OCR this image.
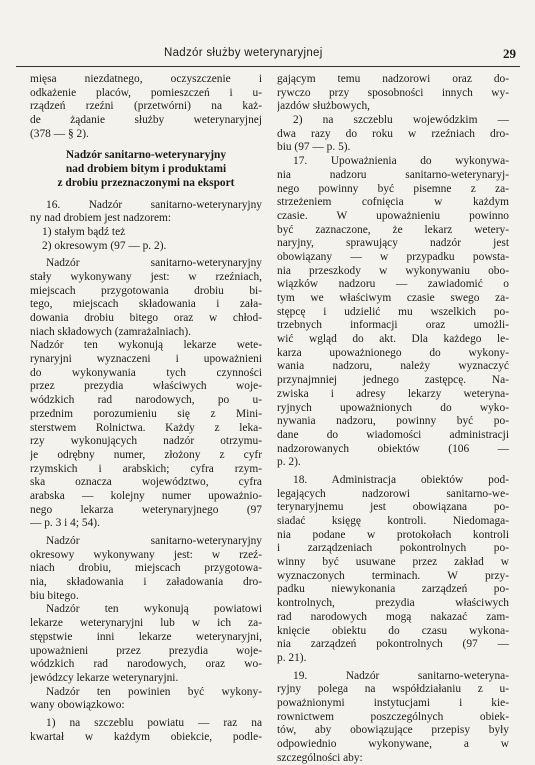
Nadzór służby weterynaryjnej	29
mięsa niezdatnego, oczyszczenie i
odkażenie placów, pomieszczeń i u-
rządzeń rzeźni (przetwórni) na każ-
de żądanie służby weterynaryjnej
(378 — § 2).
Nadzór sanitarno-weterynaryjny
nad drobiem bitym i produktami
z drobiu przeznaczonymi na eksport
16. Nadzór sanitarno-weterynaryjny
ny nad drobiem jest nadzorem:
1) stałym bądź też
2) okresowym (97 — p. 2).
Nadzór sanitarno-weterynaryjny
stały wykonywany jest: w rzeźniach,
miejscach przygotowania drobiu bi-
tego, miejscach składowania i zała-
dowania drobiu bitego oraz w chłod-
niach składowych (zamrażalniach).
Nadzór ten wykonują lekarze wete-
rynaryjni wyznaczeni i upoważnieni
do wykonywania tych czynności
przez prezydia właściwych woje-
wódzkich rad narodowych, po u-
przednim porozumieniu się z Mini-
sterstwem Rolnictwa. Każdy z leka-
rzy wykonujących nadzór otrzymu-
je odrębny numer, złożony z cyfr
rzymskich i arabskich; cyfra rzym-
ska oznacza województwo, cyfra
arabska — kolejny numer upoważnio-
nego lekarza weterynaryjnego (97
— p. 3 i 4; 54).
Nadzór sanitarno-weterynaryjny
okresowy wykonywany jest: w rzeź-
niach drobiu, miejscach przygotowa-
nia, składowania i załadowania dro-
biu bitego.
Nadzór ten wykonują powiatowi
lekarze weterynaryjni lub w ich za-
stępstwie inni lekarze weterynaryjni,
upoważnieni przez prezydia woje-
wódzkich rad narodowych, oraz wo-
jewódzcy lekarze weterynaryjni.
Nadzór ten powinien być wykony-
wany obowiązkowo:
1) na szczeblu powiatu — raz na
kwartał w każdym obiekcie, podle-
gającym temu nadzorowi oraz do-
rywczo przy sposobności innych wy-
jazdów służbowych,
2) na szczeblu wojewódzkim —
dwa razy do roku w rzeźniach dro-
biu (97 — p. 5).
17. Upoważnienia do wykonywa-
nia nadzoru sanitarno-weterynaryj-
nego powinny być pisemne z za-
strzeżeniem cofnięcia w każdym
czasie. W upoważnieniu powinno
być zaznaczone, że lekarz wetery-
naryjny, sprawujący nadzór jest
obowiązany — w przypadku powsta-
nia przeszkody w wykonywaniu obo-
wiązków nadzoru — zawiadomić o
tym we właściwym czasie swego za-
stępcę i udzielić mu wszelkich po-
trzebnych informacji oraz umożli-
wić wgląd do akt. Dla każdego le-
karza upoważnionego do wykony-
wania nadzoru, należy wyznaczyć
przynajmniej jednego zastępcę. Na-
zwiska i adresy lekarzy weteryna-
ryjnych upoważnionych do wyko-
nywania nadzoru, powinny być po-
dane do wiadomości administracji
nadzorowanych obiektów (106 —
p. 2).
18. Administracja obiektów pod-
legających nadzorowi sanitarno-we-
terynaryjnemu jest obowiązana po-
siadać księgę kontroli. Niedomaga-
nia podane w protokołach kontroli
i zarządzeniach pokontrolnych po-
winny być usuwane przez zakład w
wyznaczonych terminach. W przy-
padku niewykonania zarządzeń po-
kontrolnych, prezydia właściwych
rad narodowych mogą nakazać zam-
knięcie obiektu do czasu wykona-
nia zarządzeń pokontrolnych (97 —
p. 21).
19. Nadzór sanitarno-weteryna-
ryjny polega na współdziałaniu z u-
poważnionymi instytucjami i kie-
rownictwem poszczególnych obiek-
tów, aby obowiązujące przepisy były
odpowiednio wykonywane, a w
szczególności aby:
